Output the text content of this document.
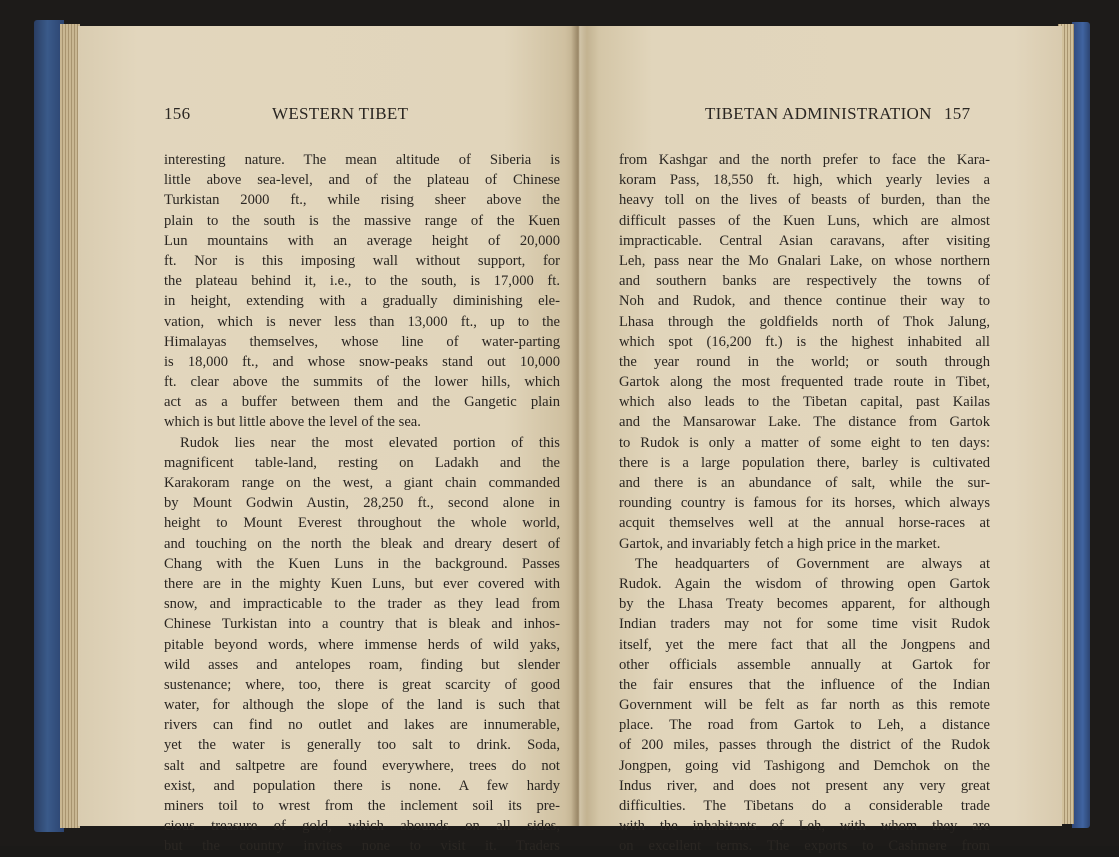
156	WESTERN TIBET
interesting nature. The mean altitude of Siberia is
little above sea-level, and of the plateau of Chinese
Turkistan 2000 ft., while rising sheer above the
plain to the south is the massive range of the Kuen
Lun mountains with an average height of 20,000
ft. Nor is this imposing wall without support, for
the plateau behind it, i.e., to the south, is 17,000 ft.
in height, extending with a gradually diminishing ele-
vation, which is never less than 13,000 ft., up to the
Himalayas themselves, whose line of water-parting
is 18,000 ft., and whose snow-peaks stand out 10,000
ft. clear above the summits of the lower hills, which
act as a buffer between them and the Gangetic plain
which is but little above the level of the sea.
Rudok lies near the most elevated portion of this
magnificent table-land, resting on Ladakh and the
Karakoram range on the west, a giant chain commanded
by Mount Godwin Austin, 28,250 ft., second alone in
height to Mount Everest throughout the whole world,
and touching on the north the bleak and dreary desert of
Chang with the Kuen Luns in the background. Passes
there are in the mighty Kuen Luns, but ever covered with
snow, and impracticable to the trader as they lead from
Chinese Turkistan into a country that is bleak and inhos-
pitable beyond words, where immense herds of wild yaks,
wild asses and antelopes roam, finding but slender
sustenance; where, too, there is great scarcity of good
water, for although the slope of the land is such that
rivers can find no outlet and lakes are innumerable,
yet the water is generally too salt to drink. Soda,
salt and saltpetre are found everywhere, trees do not
exist, and population there is none. A few hardy
miners toil to wrest from the inclement soil its pre-
cious treasure of gold, which abounds on all sides,
but the country invites none to visit it. Traders
TIBETAN ADMINISTRATION 157
from Kashgar and the north prefer to face the Kara-
koram Pass, 18,550 ft. high, which yearly levies a
heavy toll on the lives of beasts of burden, than the
difficult passes of the Kuen Luns, which are almost
impracticable. Central Asian caravans, after visiting
Leh, pass near the Mo Gnalari Lake, on whose northern
and southern banks are respectively the towns of
Noh and Rudok, and thence continue their way to
Lhasa through the goldfields north of Thok Jalung,
which spot (16,200 ft.) is the highest inhabited all
the year round in the world; or south through
Gartok along the most frequented trade route in Tibet,
which also leads to the Tibetan capital, past Kailas
and the Mansarowar Lake. The distance from Gartok
to Rudok is only a matter of some eight to ten days:
there is a large population there, barley is cultivated
and there is an abundance of salt, while the sur-
rounding country is famous for its horses, which always
acquit themselves well at the annual horse-races at
Gartok, and invariably fetch a high price in the market.
The headquarters of Government are always at
Rudok. Again the wisdom of throwing open Gartok
by the Lhasa Treaty becomes apparent, for although
Indian traders may not for some time visit Rudok
itself, yet the mere fact that all the Jongpens and
other officials assemble annually at Gartok for
the fair ensures that the influence of the Indian
Government will be felt as far north as this remote
place. The road from Gartok to Leh, a distance
of 200 miles, passes through the district of the Rudok
Jongpen, going vid Tashigong and Demchok on the
Indus river, and does not present any very great
difficulties. The Tibetans do a considerable trade
with the inhabitants of Leh, with whom they are
on excellent terms. The exports to Cashmere from
